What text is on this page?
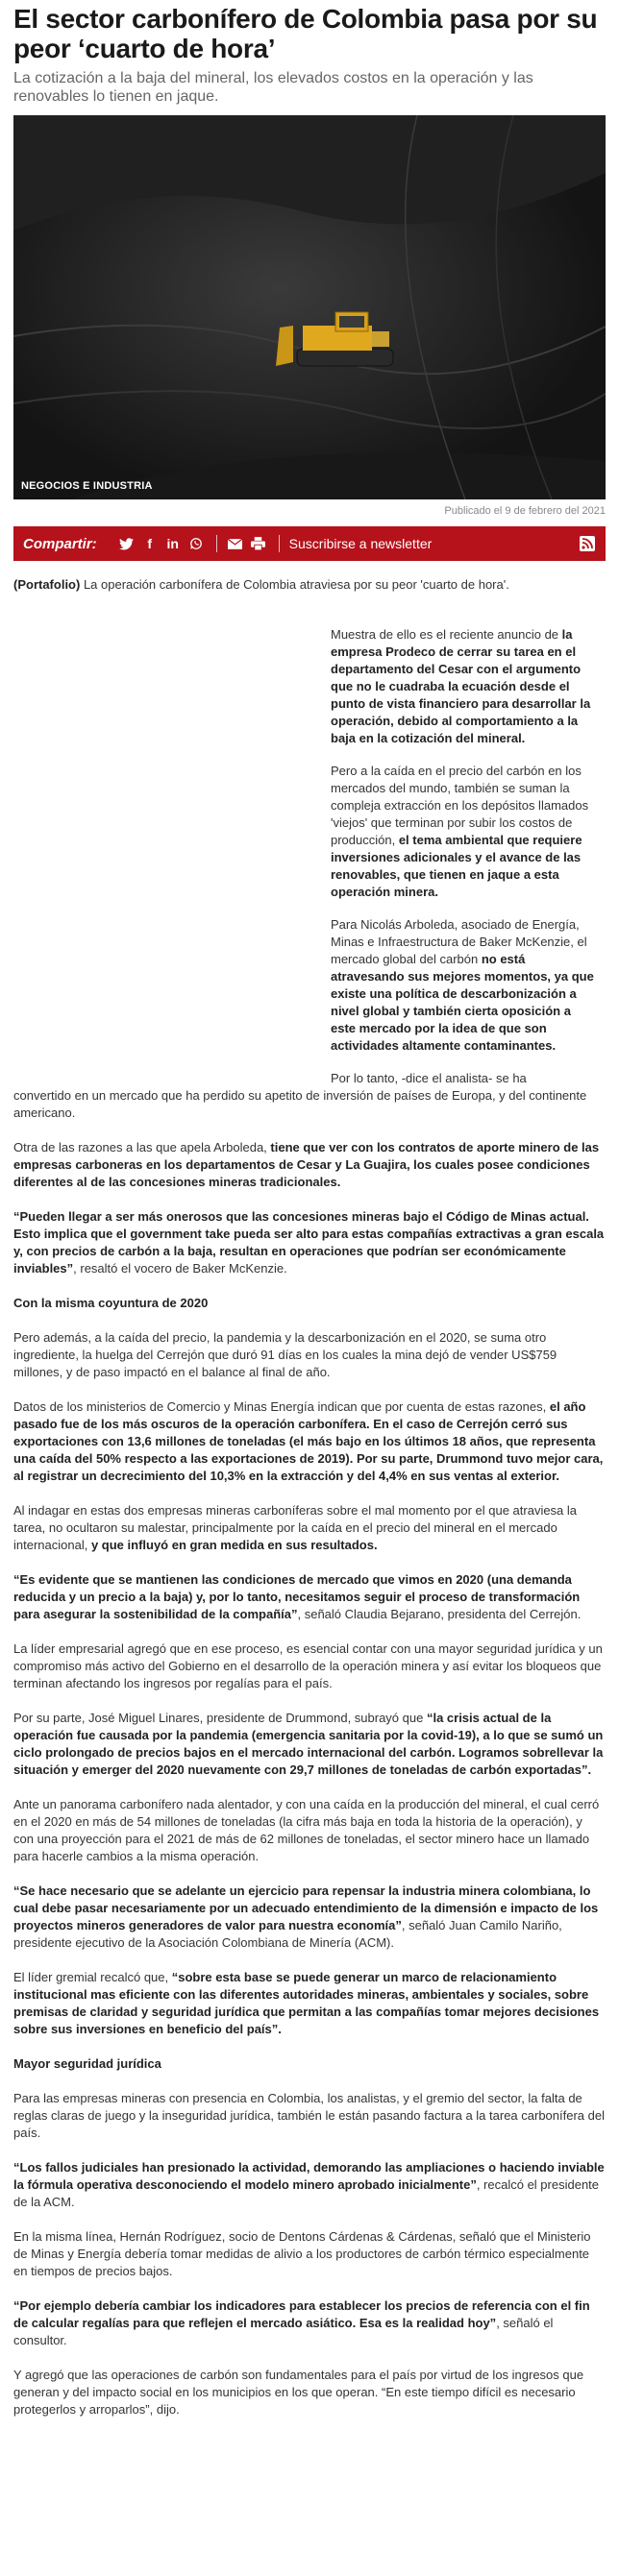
El sector carbonífero de Colombia pasa por su peor ‘cuarto de hora’

La cotización a la baja del mineral, los elevados costos en la operación y las renovables lo tienen en jaque.

NEGOCIOS E INDUSTRIA
Publicado el 9 de febrero del 2021
Compartir:	f	in	Suscribirse a newsletter

(Portafolio) La operación carbonífera de Colombia atraviesa por su peor 'cuarto de hora'.

Muestra de ello es el reciente anuncio de la empresa Prodeco de cerrar su tarea en el departamento del Cesar con el argumento que no le cuadraba la ecuación desde el punto de vista financiero para desarrollar la operación, debido al comportamiento a la baja en la cotización del mineral.

Pero a la caída en el precio del carbón en los mercados del mundo, también se suman la compleja extracción en los depósitos llamados 'viejos' que terminan por subir los costos de producción, el tema ambiental que requiere inversiones adicionales y el avance de las renovables, que tienen en jaque a esta operación minera.

Para Nicolás Arboleda, asociado de Energía, Minas e Infraestructura de Baker McKenzie, el mercado global del carbón no está atravesando sus mejores momentos, ya que existe una política de descarbonización a nivel global y también cierta oposición a este mercado por la idea de que son actividades altamente contaminantes.

Por lo tanto, -dice el analista- se ha

convertido en un mercado que ha perdido su apetito de inversión de países de Europa, y del continente americano.

Otra de las razones a las que apela Arboleda, tiene que ver con los contratos de aporte minero de las empresas carboneras en los departamentos de Cesar y La Guajira, los cuales posee condiciones diferentes al de las concesiones mineras tradicionales.

“Pueden llegar a ser más onerosos que las concesiones mineras bajo el Código de Minas actual. Esto implica que el government take pueda ser alto para estas compañías extractivas a gran escala y, con precios de carbón a la baja, resultan en operaciones que podrían ser económicamente inviables”, resaltó el vocero de Baker McKenzie.

Con la misma coyuntura de 2020

Pero además, a la caída del precio, la pandemia y la descarbonización en el 2020, se suma otro ingrediente, la huelga del Cerrejón que duró 91 días en los cuales la mina dejó de vender US$759 millones, y de paso impactó en el balance al final de año.

Datos de los ministerios de Comercio y Minas Energía indican que por cuenta de estas razones, el año pasado fue de los más oscuros de la operación carbonífera. En el caso de Cerrejón cerró sus exportaciones con 13,6 millones de toneladas (el más bajo en los últimos 18 años, que representa una caída del 50% respecto a las exportaciones de 2019). Por su parte, Drummond tuvo mejor cara, al registrar un decrecimiento del 10,3% en la extracción y del 4,4% en sus ventas al exterior.

Al indagar en estas dos empresas mineras carboníferas sobre el mal momento por el que atraviesa la tarea, no ocultaron su malestar, principalmente por la caída en el precio del mineral en el mercado internacional, y que influyó en gran medida en sus resultados.

“Es evidente que se mantienen las condiciones de mercado que vimos en 2020 (una demanda reducida y un precio a la baja) y, por lo tanto, necesitamos seguir el proceso de transformación para asegurar la sostenibilidad de la compañía”, señaló Claudia Bejarano, presidenta del Cerrejón.

La líder empresarial agregó que en ese proceso, es esencial contar con una mayor seguridad jurídica y un compromiso más activo del Gobierno en el desarrollo de la operación minera y así evitar los bloqueos que terminan afectando los ingresos por regalías para el país.

Por su parte, José Miguel Linares, presidente de Drummond, subrayó que “la crisis actual de la operación fue causada por la pandemia (emergencia sanitaria por la covid-19), a lo que se sumó un ciclo prolongado de precios bajos en el mercado internacional del carbón. Logramos sobrellevar la situación y emerger del 2020 nuevamente con 29,7 millones de toneladas de carbón exportadas”.

Ante un panorama carbonífero nada alentador, y con una caída en la producción del mineral, el cual cerró en el 2020 en más de 54 millones de toneladas (la cifra más baja en toda la historia de la operación), y con una proyección para el 2021 de más de 62 millones de toneladas, el sector minero hace un llamado para hacerle cambios a la misma operación.

“Se hace necesario que se adelante un ejercicio para repensar la industria minera colombiana, lo cual debe pasar necesariamente por un adecuado entendimiento de la dimensión e impacto de los proyectos mineros generadores de valor para nuestra economía”, señaló Juan Camilo Nariño, presidente ejecutivo de la Asociación Colombiana de Minería (ACM).

El líder gremial recalcó que, “sobre esta base se puede generar un marco de relacionamiento institucional mas eficiente con las diferentes autoridades mineras, ambientales y sociales, sobre premisas de claridad y seguridad jurídica que permitan a las compañías tomar mejores decisiones sobre sus inversiones en beneficio del país”.

Mayor seguridad jurídica

Para las empresas mineras con presencia en Colombia, los analistas, y el gremio del sector, la falta de reglas claras de juego y la inseguridad jurídica, también le están pasando factura a la tarea carbonífera del país.

“Los fallos judiciales han presionado la actividad, demorando las ampliaciones o haciendo inviable la fórmula operativa desconociendo el modelo minero aprobado inicialmente”, recalcó el presidente de la ACM.

En la misma línea, Hernán Rodríguez, socio de Dentons Cárdenas & Cárdenas, señaló que el Ministerio de Minas y Energía debería tomar medidas de alivio a los productores de carbón térmico especialmente en tiempos de precios bajos.

“Por ejemplo debería cambiar los indicadores para establecer los precios de referencia con el fin de calcular regalías para que reflejen el mercado asiático. Esa es la realidad hoy”, señaló el consultor.

Y agregó que las operaciones de carbón son fundamentales para el país por virtud de los ingresos que generan y del impacto social en los municipios en los que operan. “En este tiempo difícil es necesario protegerlos y arroparlos”, dijo.
